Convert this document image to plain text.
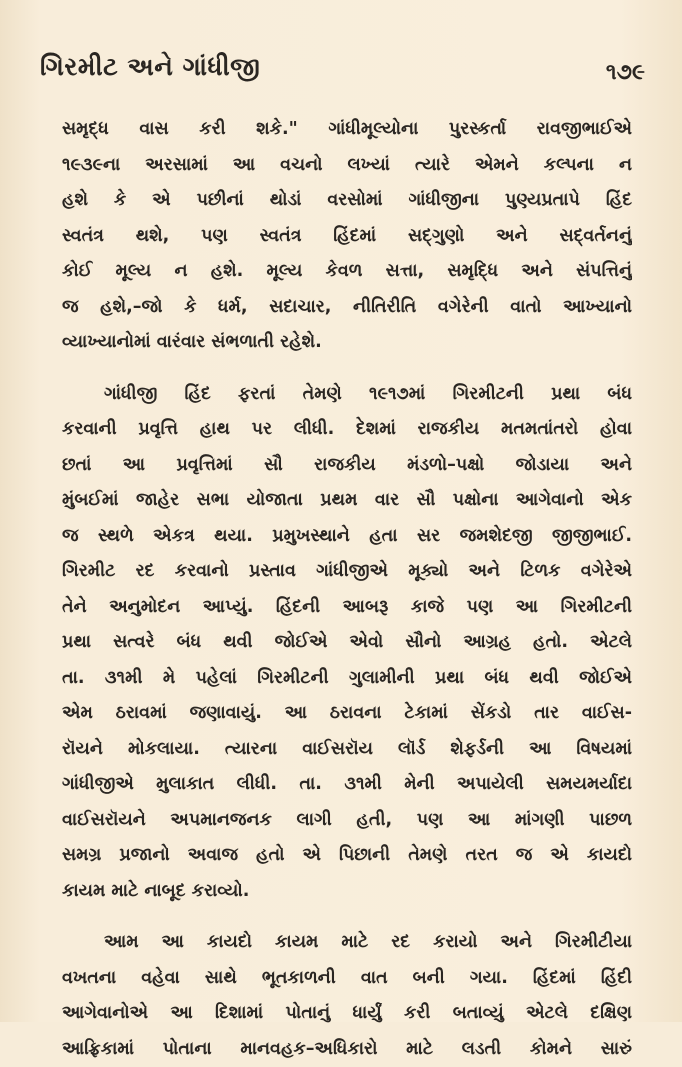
ગિરમીટ અને ગાંધીજી	૧૭૯
સમૃદ્ધ વાસ કરી શકે." ગાંધીમૂલ્યોના પુરસ્કર્તા રાવજીભાઈએ
૧૯૩૯ના અરસામાં આ વચનો લખ્યાં ત્યારે એમને કલ્પના ન
હશે કે એ પછીનાં થોડાં વરસોમાં ગાંધીજીના પુણ્યપ્રતાપે હિંદ
સ્વતંત્ર થશે, પણ સ્વતંત્ર હિંદમાં સદ્‌ગુણો અને સદ્‌વર્તનનું
કોઈ મૂલ્ય ન હશે. મૂલ્ય કેવળ સત્તા, સમૃદ્ધિ અને સંપત્તિનું
જ હશે,–જો કે ધર્મ, સદાચાર, નીતિરીતિ વગેરેની વાતો આખ્યાનો
વ્યાખ્યાનોમાં વારંવાર સંભળાતી રહેશે.
ગાંધીજી હિંદ ફરતાં તેમણે ૧૯૧૭માં ગિરમીટની પ્રથા બંધ
કરવાની પ્રવૃત્તિ હાથ પર લીધી. દેશમાં રાજકીય મતમતાંતરો હોવા
છતાં આ પ્રવૃત્તિમાં સૌ રાજકીય મંડળો–પક્ષો જોડાયા અને
મુંબઈમાં જાહેર સભા યોજાતા પ્રથમ વાર સૌ પક્ષોના આગેવાનો એક
જ સ્થળે એકત્ર થયા. પ્રમુખસ્થાને હતા સર જમશેદજી જીજીભાઈ.
ગિરમીટ રદ કરવાનો પ્રસ્તાવ ગાંધીજીએ મૂક્યો અને ટિળક વગેરેએ
તેને અનુમોદન આપ્યું. હિંદની આબરૂ કાજે પણ આ ગિરમીટની
પ્રથા સત્વરે બંધ થવી જોઈએ એવો સૌનો આગ્રહ હતો. એટલે
તા. ૩૧મી મે પહેલાં ગિરમીટની ગુલામીની પ્રથા બંધ થવી જોઈએ
એમ ઠરાવમાં જણાવાયું. આ ઠરાવના ટેકામાં સેંકડો તાર વાઈસ-
રૉયને મોકલાયા. ત્યારના વાઈસરૉય લૉર્ડ શેફર્ડની આ વિષયમાં
ગાંધીજીએ મુલાકાત લીધી. તા. ૩૧મી મેની અપાયેલી સમયમર્યાદા
વાઈસરૉયને અપમાનજનક લાગી હતી, પણ આ માંગણી પાછળ
સમગ્ર પ્રજાનો અવાજ હતો એ પિછાની તેમણે તરત જ એ કાયદો
કાયમ માટે નાબૂદ કરાવ્યો.
આમ આ કાયદો કાયમ માટે રદ કરાયો અને ગિરમીટીયા
વખતના વહેવા સાથે ભૂતકાળની વાત બની ગયા. હિંદમાં હિંદી
આગેવાનોએ આ દિશામાં પોતાનું ધાર્યું કરી બતાવ્યું એટલે દક્ષિણ
આફ્રિકામાં પોતાના માનવહક–અધિકારો માટે લડતી કોમને સારું
